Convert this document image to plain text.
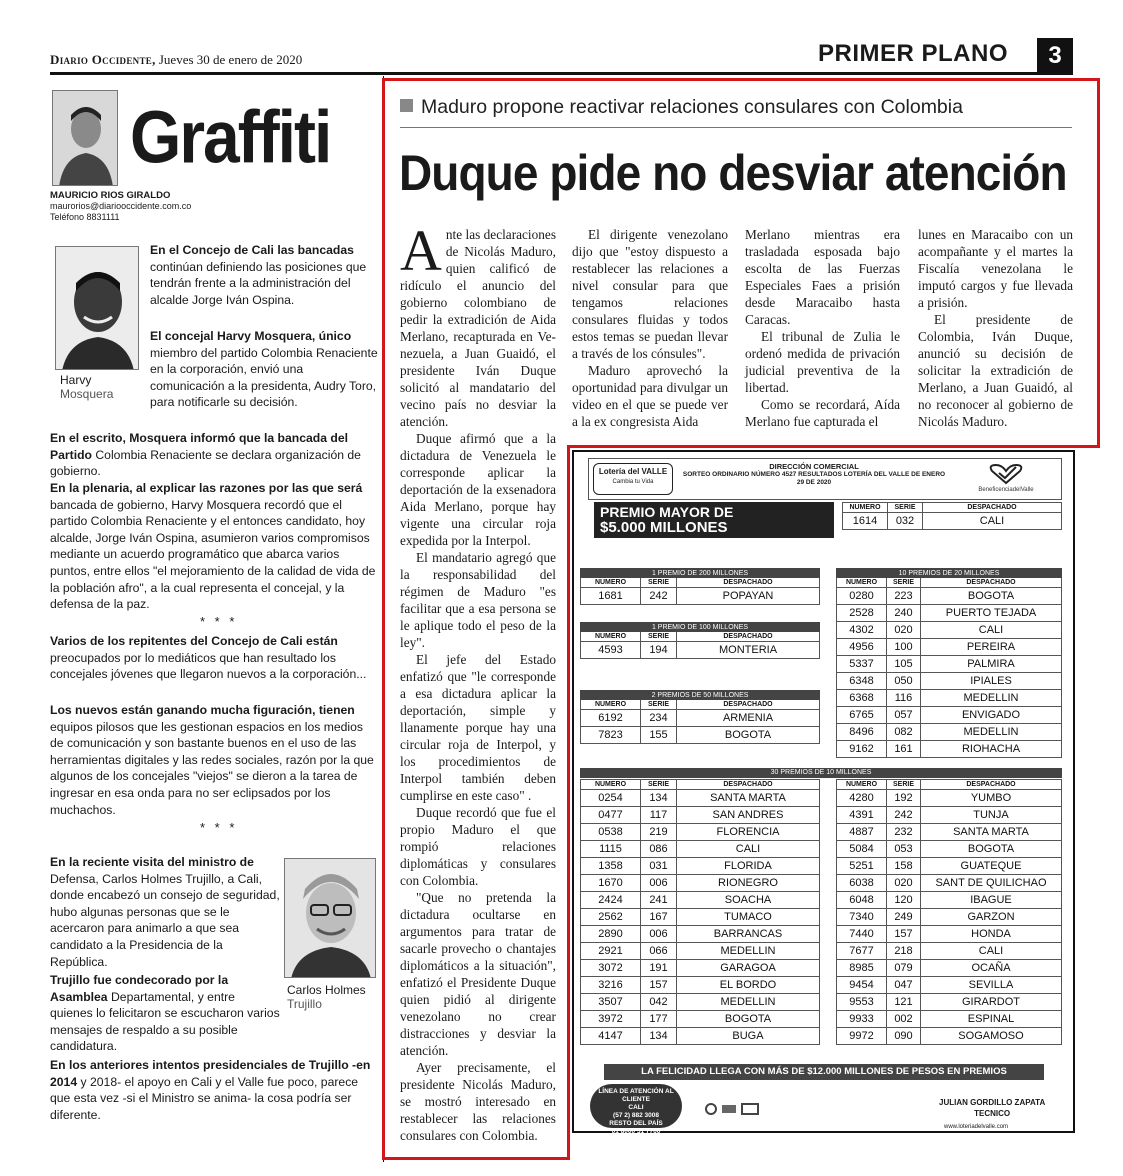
Diario Occidente, Jueves 30 de enero de 2020	PRIMER PLANO	3
Graffiti
MAURICIO RIOS GIRALDO
maurorios@diariooccidente.com.co
Teléfono 8831111
Harvy
Mosquera
En el Concejo de Cali las bancadas continúan definiendo las posiciones que tendrán frente a la administración del alcalde Jorge Iván Ospina.
El concejal Harvy Mosquera, único miembro del partido Colombia Renaciente en la corporación, envió una comunicación a la presidenta, Audry Toro, para notificarle su decisión.
En el escrito, Mosquera informó que la bancada del Partido Colombia Renaciente se declara organización de gobierno.
En la plenaria, al explicar las razones por las que será bancada de gobierno, Harvy Mosquera recordó que el partido Colombia Renaciente y el entonces candidato, hoy alcalde, Jorge Iván Ospina, asumieron varios compromisos mediante un acuerdo programático que abarca varios puntos, entre ellos "el mejoramiento de la calidad de vida de la población afro", a la cual representa el concejal, y la defensa de la paz.
* * *
Varios de los repitentes del Concejo de Cali están preocupados por lo mediáticos que han resultado los concejales jóvenes que llegaron nuevos a la corporación...
Los nuevos están ganando mucha figuración, tienen equipos pilosos que les gestionan espacios en los medios de comunicación y son bastante buenos en el uso de las herramientas digitales y las redes sociales, razón por la que algunos de los concejales "viejos" se dieron a la tarea de ingresar en esa onda para no ser eclipsados por los muchachos.
* * *
En la reciente visita del ministro de Defensa, Carlos Holmes Trujillo, a Cali, donde encabezó un consejo de seguridad, hubo algunas personas que se le acercaron para animarlo a que sea candidato a la Presidencia de la República.
Trujillo fue condecorado por la Asamblea Departamental, y entre quienes lo felicitaron se escucharon varios mensajes de respaldo a su posible candidatura.
Carlos Holmes
Trujillo
En los anteriores intentos presidenciales de Trujillo -en 2014 y 2018- el apoyo en Cali y el Valle fue poco, parece que esta vez -si el Ministro se anima- la cosa podría ser diferente.
Maduro propone reactivar relaciones consulares con Colombia
Duque pide no desviar atención

Ante las declaraciones de Nicolás Maduro, quien calificó de ridículo el anuncio del gobierno colombiano de pedir la extradición de Aida Merlano, recapturada en Ve-nezuela, a Juan Guaidó, el presidente Iván Duque solicitó al mandatario del vecino país no desviar la atención.

Duque afirmó que a la dictadura de Venezuela le corresponde aplicar la deportación de la exsenadora Aida Merlano, porque hay vigente una circular roja expedida por la Interpol.

El mandatario agregó que la responsabilidad del régimen de Maduro "es facilitar que a esa persona se le aplique todo el peso de la ley".

El jefe del Estado enfatizó que "le corresponde a esa dictadura aplicar la deportación, simple y llanamente porque hay una circular roja de Interpol, y los procedimientos de Interpol también deben cumplirse en este caso" .

Duque recordó que fue el propio Maduro el que rompió relaciones diplomáticas y consulares con Colombia.

"Que no pretenda la dictadura ocultarse en argumentos para tratar de sacarle provecho o chantajes diplomáticos a la situación", enfatizó el Presidente Duque quien pidió al dirigente venezolano no crear distracciones y desviar la atención.

Ayer precisamente, el presidente Nicolás Maduro, se mostró interesado en restablecer las relaciones consulares con Colombia.

El dirigente venezolano dijo que "estoy dispuesto a restablecer las relaciones a nivel consular para que tengamos relaciones consulares fluidas y todos estos temas se puedan llevar a través de los cónsules".

Maduro aprovechó la oportunidad para divulgar un video en el que se puede ver a la ex congresista Aida

Merlano mientras era trasladada esposada bajo escolta de las Fuerzas Especiales Faes a prisión desde Maracaibo hasta Caracas.

El tribunal de Zulia le ordenó medida de privación judicial preventiva de la libertad.

Como se recordará, Aída Merlano fue capturada el

lunes en Maracaibo con un acompañante y el martes la Fiscalía venezolana le imputó cargos y fue llevada a prisión.

El presidente de Colombia, Iván Duque, anunció su decisión de solicitar la extradición de Merlano, a Juan Guaidó, al no reconocer al gobierno de Nicolás Maduro.

Lotería del VALLE
Cambia tu Vida
DIRECCIÓN COMERCIAL
SORTEO ORDINARIO NÚMERO 4527 RESULTADOS LOTERÍA DEL VALLE DE ENERO 29 DE 2020
BeneficenciadelValle
PREMIO MAYOR DE
$5.000 MILLONES
NUMERO	SERIE	DESPACHADO
1614	032	CALI
1 PREMIO DE 200 MILLONES		
NUMERO	SERIE	DESPACHADO
1681	242	POPAYAN
1 PREMIO DE 100 MILLONES		
NUMERO	SERIE	DESPACHADO
4593	194	MONTERIA
2 PREMIOS DE 50 MILLONES		
NUMERO	SERIE	DESPACHADO
6192	234	ARMENIA
7823	155	BOGOTA
10 PREMIOS DE 20 MILLONES		
NUMERO	SERIE	DESPACHADO
0280	223	BOGOTA
2528	240	PUERTO TEJADA
4302	020	CALI
4956	100	PEREIRA
5337	105	PALMIRA
6348	050	IPIALES
6368	116	MEDELLIN
6765	057	ENVIGADO
8496	082	MEDELLIN
9162	161	RIOHACHA
30 PREMIOS DE 10 MILLONES
NUMERO	SERIE	DESPACHADO
0254	134	SANTA MARTA
0477	117	SAN ANDRES
0538	219	FLORENCIA
1115	086	CALI
1358	031	FLORIDA
1670	006	RIONEGRO
2424	241	SOACHA
2562	167	TUMACO
2890	006	BARRANCAS
2921	066	MEDELLIN
3072	191	GARAGOA
3216	157	EL BORDO
3507	042	MEDELLIN
3972	177	BOGOTA
4147	134	BUGA
NUMERO	SERIE	DESPACHADO
4280	192	YUMBO
4391	242	TUNJA
4887	232	SANTA MARTA
5084	053	BOGOTA
5251	158	GUATEQUE
6038	020	SANT DE QUILICHAO
6048	120	IBAGUE
7340	249	GARZON
7440	157	HONDA
7677	218	CALI
8985	079	OCAÑA
9454	047	SEVILLA
9553	121	GIRARDOT
9933	002	ESPINAL
9972	090	SOGAMOSO
LA FELICIDAD LLEGA CON MÁS DE $12.000 MILLONES DE PESOS EN PREMIOS
LÍNEA DE ATENCIÓN AL CLIENTE
CALI
(57 2) 882 3008
RESTO DEL PAÍS
01 8000 51 7766
JULIAN GORDILLO ZAPATA
TECNICO
www.loteriadelvalle.com
